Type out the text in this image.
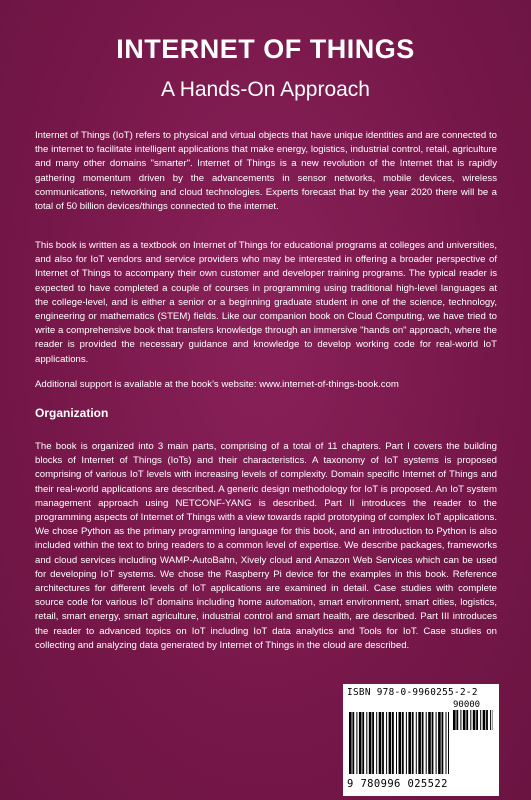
INTERNET OF THINGS
A Hands-On Approach

Internet of Things (IoT) refers to physical and virtual objects that have unique identities and are connected to the internet to facilitate intelligent applications that make energy, logistics, industrial control, retail, agriculture and many other domains "smarter". Internet of Things is a new revolution of the Internet that is rapidly gathering momentum driven by the advancements in sensor networks, mobile devices, wireless communications, networking and cloud technologies. Experts forecast that by the year 2020 there will be a total of 50 billion devices/things connected to the internet.

This book is written as a textbook on Internet of Things for educational programs at colleges and universities, and also for IoT vendors and service providers who may be interested in offering a broader perspective of Internet of Things to accompany their own customer and developer training programs. The typical reader is expected to have completed a couple of courses in programming using traditional high-level languages at the college-level, and is either a senior or a beginning graduate student in one of the science, technology, engineering or mathematics (STEM) fields. Like our companion book on Cloud Computing, we have tried to write a comprehensive book that transfers knowledge through an immersive "hands on" approach, where the reader is provided the necessary guidance and knowledge to develop working code for real-world IoT applications.

Additional support is available at the book's website: www.internet-of-things-book.com

Organization

The book is organized into 3 main parts, comprising of a total of 11 chapters. Part I covers the building blocks of Internet of Things (IoTs) and their characteristics. A taxonomy of IoT systems is proposed comprising of various IoT levels with increasing levels of complexity. Domain specific Internet of Things and their real-world applications are described. A generic design methodology for IoT is proposed. An IoT system management approach using NETCONF-YANG is described. Part II introduces the reader to the programming aspects of Internet of Things with a view towards rapid prototyping of complex IoT applications. We chose Python as the primary programming language for this book, and an introduction to Python is also included within the text to bring readers to a common level of expertise. We describe packages, frameworks and cloud services including WAMP-AutoBahn, Xively cloud and Amazon Web Services which can be used for developing IoT systems. We chose the Raspberry Pi device for the examples in this book. Reference architectures for different levels of IoT applications are examined in detail. Case studies with complete source code for various IoT domains including home automation, smart environment, smart cities, logistics, retail, smart energy, smart agriculture, industrial control and smart health, are described. Part III introduces the reader to advanced topics on IoT including IoT data analytics and Tools for IoT. Case studies on collecting and analyzing data generated by Internet of Things in the cloud are described.

ISBN 978-0-9960255-2-2
90000
9 780996 025522
